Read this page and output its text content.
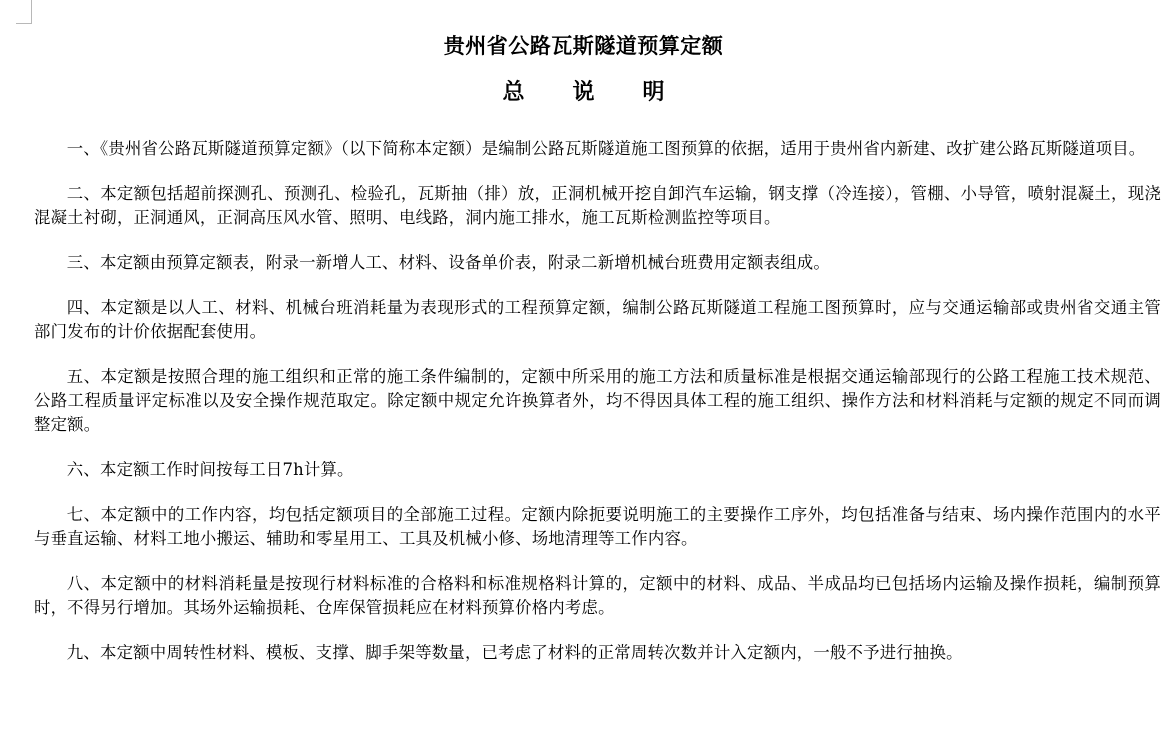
贵州省公路瓦斯隧道预算定额
总说明

一、《贵州省公路瓦斯隧道预算定额》（以下简称本定额）是编制公路瓦斯隧道施工图预算的依据，适用于贵州省内新建、改扩建公路瓦斯隧道项目。

二、本定额包括超前探测孔、预测孔、检验孔，瓦斯抽（排）放，正洞机械开挖自卸汽车运输，钢支撑（冷连接），管棚、小导管，喷射混凝土，现浇混凝土衬砌，正洞通风，正洞高压风水管、照明、电线路，洞内施工排水，施工瓦斯检测监控等项目。

三、本定额由预算定额表，附录一新增人工、材料、设备单价表，附录二新增机械台班费用定额表组成。

四、本定额是以人工、材料、机械台班消耗量为表现形式的工程预算定额，编制公路瓦斯隧道工程施工图预算时，应与交通运输部或贵州省交通主管部门发布的计价依据配套使用。

五、本定额是按照合理的施工组织和正常的施工条件编制的，定额中所采用的施工方法和质量标准是根据交通运输部现行的公路工程施工技术规范、公路工程质量评定标准以及安全操作规范取定。除定额中规定允许换算者外，均不得因具体工程的施工组织、操作方法和材料消耗与定额的规定不同而调整定额。

六、本定额工作时间按每工日7h计算。

七、本定额中的工作内容，均包括定额项目的全部施工过程。定额内除扼要说明施工的主要操作工序外，均包括准备与结束、场内操作范围内的水平与垂直运输、材料工地小搬运、辅助和零星用工、工具及机械小修、场地清理等工作内容。

八、本定额中的材料消耗量是按现行材料标准的合格料和标准规格料计算的，定额中的材料、成品、半成品均已包括场内运输及操作损耗，编制预算时，不得另行增加。其场外运输损耗、仓库保管损耗应在材料预算价格内考虑。

九、本定额中周转性材料、模板、支撑、脚手架等数量，已考虑了材料的正常周转次数并计入定额内，一般不予进行抽换。
